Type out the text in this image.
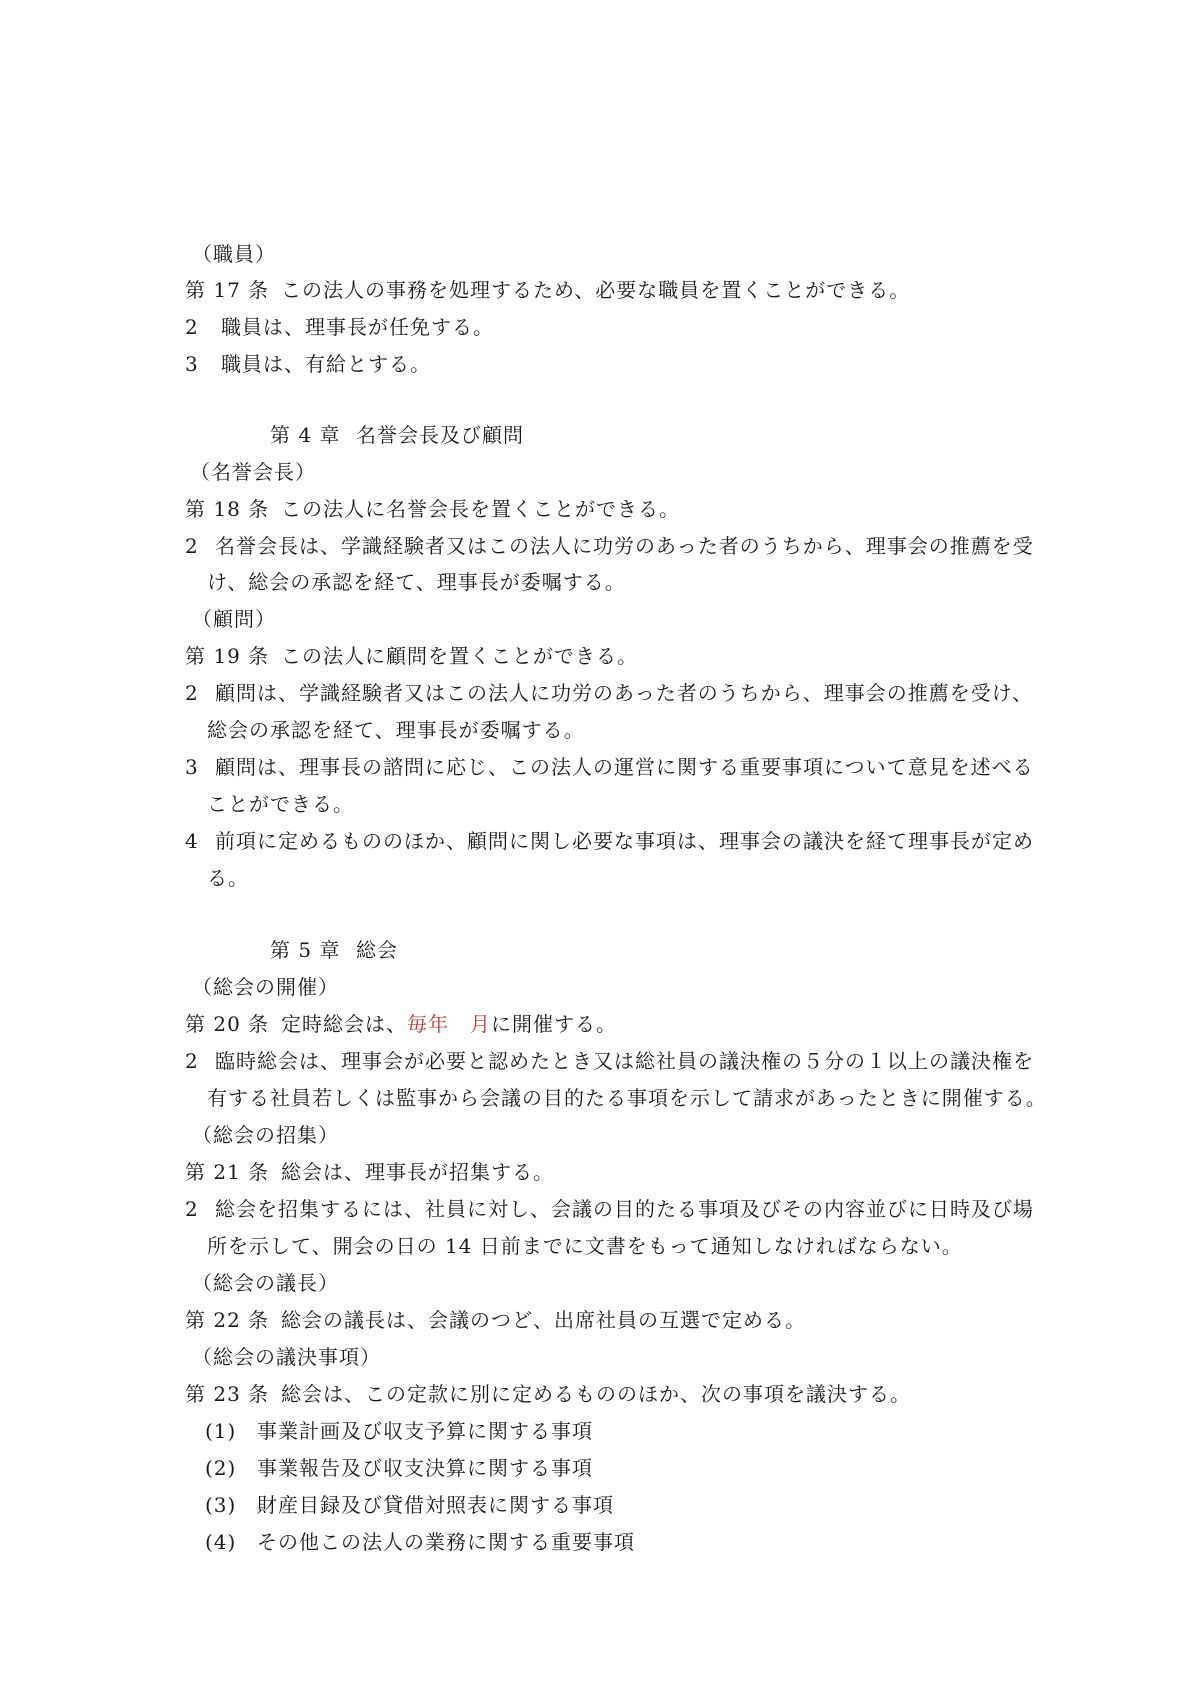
（職員）
第 17 条 この法人の事務を処理するため、必要な職員を置くことができる。
2 職員は、理事長が任免する。
3 職員は、有給とする。
第 4 章 名誉会長及び顧問
（名誉会長）
第 18 条 この法人に名誉会長を置くことができる。
2 名誉会長は、学識経験者又はこの法人に功労のあった者のうちから、理事会の推薦を受
け、総会の承認を経て、理事長が委嘱する。
（顧問）
第 19 条 この法人に顧問を置くことができる。
2 顧問は、学識経験者又はこの法人に功労のあった者のうちから、理事会の推薦を受け、
総会の承認を経て、理事長が委嘱する。
3 顧問は、理事長の諮問に応じ、この法人の運営に関する重要事項について意見を述べる
ことができる。
4 前項に定めるもののほか、顧問に関し必要な事項は、理事会の議決を経て理事長が定め
る。
第 5 章 総会
（総会の開催）
第 20 条 定時総会は、毎年　月に開催する。
2 臨時総会は、理事会が必要と認めたとき又は総社員の議決権の５分の１以上の議決権を
有する社員若しくは監事から会議の目的たる事項を示して請求があったときに開催する。
（総会の招集）
第 21 条 総会は、理事長が招集する。
2 総会を招集するには、社員に対し、会議の目的たる事項及びその内容並びに日時及び場
所を示して、開会の日の 14 日前までに文書をもって通知しなければならない。
（総会の議長）
第 22 条 総会の議長は、会議のつど、出席社員の互選で定める。
（総会の議決事項）
第 23 条 総会は、この定款に別に定めるもののほか、次の事項を議決する。
(1) 事業計画及び収支予算に関する事項
(2) 事業報告及び収支決算に関する事項
(3) 財産目録及び貸借対照表に関する事項
(4) その他この法人の業務に関する重要事項
